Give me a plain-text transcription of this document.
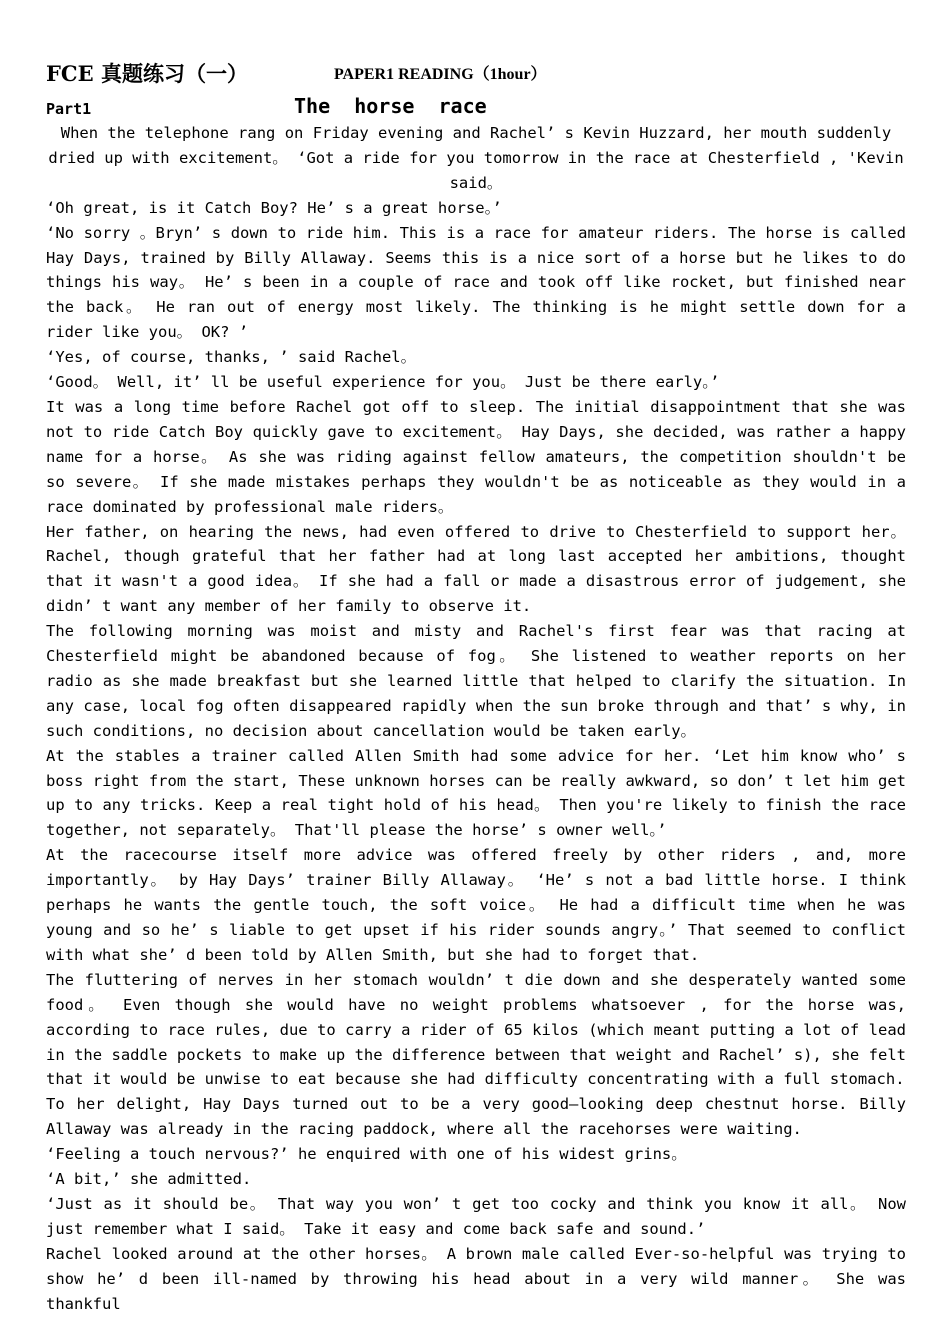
FCE 真题练习（一）	PAPER1 READING（1hour）
Part1	The  horse  race

When the telephone rang on Friday evening and Rachel’ s Kevin Huzzard, her mouth suddenly dried up with excitement。 ‘Got a ride for you tomorrow in the race at Chesterfield , 'Kevin said。

‘Oh great, is it Catch Boy? He’ s a great horse。’

‘No sorry 。Bryn’ s down to ride him. This is a race for amateur riders. The horse is called Hay Days, trained by Billy Allaway. Seems this is a nice sort of a horse but he likes to do things his way。 He’ s been in a couple of race and took off like rocket, but finished near the back。 He ran out of energy most likely. The thinking is he might settle down for a rider like you。 OK? ’

‘Yes, of course, thanks, ’ said Rachel。

‘Good。 Well, it’ ll be useful experience for you。 Just be there early。’

It was a long time before Rachel got off to sleep. The initial disappointment that she was not to ride Catch Boy quickly gave to excitement。 Hay Days, she decided, was rather a happy name for a horse。 As she was riding against fellow amateurs, the competition shouldn't be so severe。 If she made mistakes perhaps they wouldn't be as noticeable as they would in a race dominated by professional male riders。

Her father, on hearing the news, had even offered to drive to Chesterfield to support her。 Rachel, though grateful that her father had at long last accepted her ambitions, thought that it wasn't a good idea。 If she had a fall or made a disastrous error of judgement, she didn’ t want any member of her family to observe it.

The following morning was moist and misty and Rachel's first fear was that racing at Chesterfield might be abandoned because of fog。 She listened to weather reports on her radio as she made breakfast but she learned little that helped to clarify the situation. In any case, local fog often disappeared rapidly when the sun broke through and that’ s why, in such conditions, no decision about cancellation would be taken early。

At the stables a trainer called Allen Smith had some advice for her. ‘Let him know who’ s boss right from the start, These unknown horses can be really awkward, so don’ t let him get up to any tricks. Keep a real tight hold of his head。 Then you're likely to finish the race together, not separately。 That'll please the horse’ s owner well。’

At the racecourse itself more advice was offered freely by other riders , and, more importantly。 by Hay Days’ trainer Billy Allaway。 ‘He’ s not a bad little horse. I think perhaps he wants the gentle touch, the soft voice。 He had a difficult time when he was young and so he’ s liable to get upset if his rider sounds angry。’ That seemed to conflict with what she’ d been told by Allen Smith, but she had to forget that.

The fluttering of nerves in her stomach wouldn’ t die down and she desperately wanted some food。 Even though she would have no weight problems whatsoever , for the horse was, according to race rules, due to carry a rider of 65 kilos (which meant putting a lot of lead in the saddle pockets to make up the difference between that weight and Rachel’ s), she felt that it would be unwise to eat because she had difficulty concentrating with a full stomach.

To her delight, Hay Days turned out to be a very good—looking deep chestnut horse. Billy Allaway was already in the racing paddock, where all the racehorses were waiting.

‘Feeling a touch nervous?’ he enquired with one of his widest grins。

‘A bit,’ she admitted.

‘Just as it should be。 That way you won’ t get too cocky and think you know it all。 Now just remember what I said。 Take it easy and come back safe and sound.’

Rachel looked around at the other horses。 A brown male called Ever-so-helpful was trying to show he’ d been ill-named by throwing his head about in a very wild manner。 She was thankful
